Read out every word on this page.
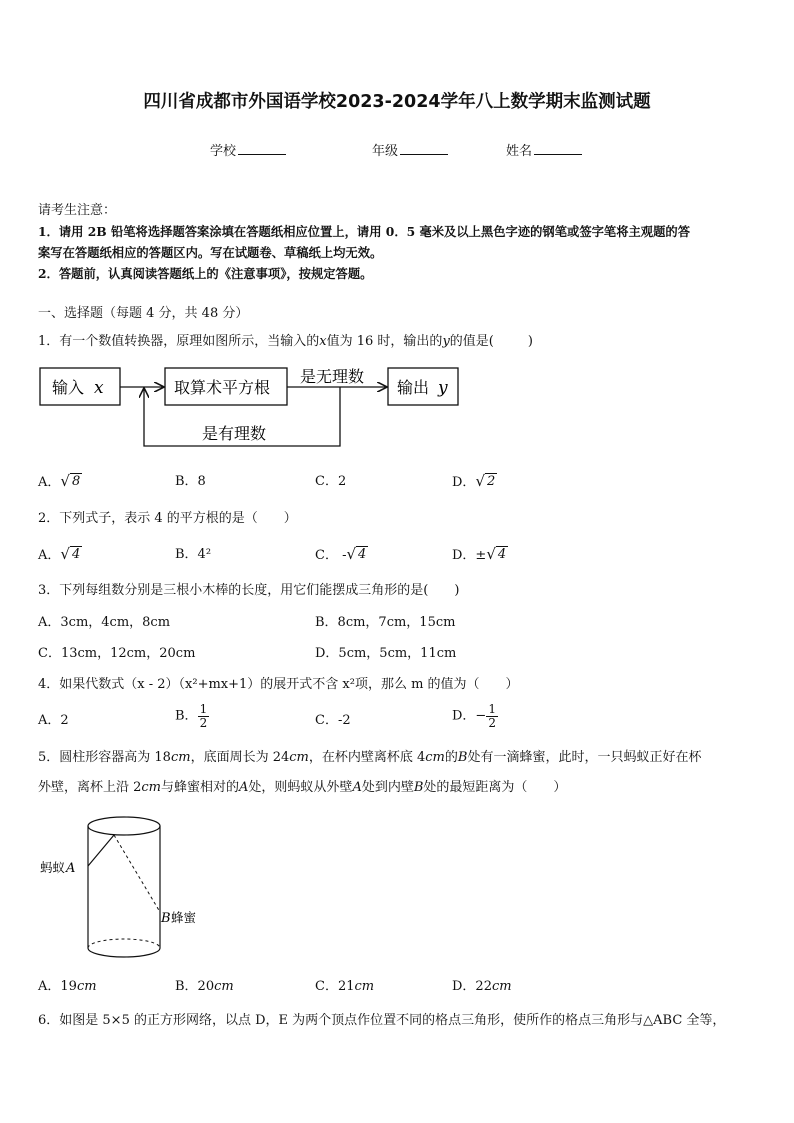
四川省成都市外国语学校2023-2024学年八上数学期末监测试题
学校	年级	姓名
请考生注意：
1．请用 2B 铅笔将选择题答案涂填在答题纸相应位置上，请用 0．5 毫米及以上黑色字迹的钢笔或签字笔将主观题的答
案写在答题纸相应的答题区内。写在试题卷、草稿纸上均无效。
2．答题前，认真阅读答题纸上的《注意事项》，按规定答题。
一、选择题（每题 4 分，共 48 分）
1．有一个数值转换器，原理如图所示，当输入的x值为 16 时，输出的y的值是(	)
输入 x	取算术平方根
是无理数
输出 y
是有理数
A． √ 8	B．8	C．2	D． √ 2
2．下列式子，表示 4 的平方根的是（　　）
A． √ 4	B．4²	C． - √ 4	D．± √ 4
3．下列每组数分别是三根小木棒的长度，用它们能摆成三角形的是(　　)
A．3cm，4cm，8cm	B．8cm，7cm，15cm
C．13cm，12cm，20cm	D．5cm，5cm，11cm
4．如果代数式（x - 2）（x²+mx+1）的展开式不含 x²项，那么 m 的值为（　　）
A．2	B． $\frac{1}{2}$	C．-2	D．− $\frac{1}{2}$
5．圆柱形容器高为 18cm，底面周长为 24cm，在杯内壁离杯底 4cm的B处有一滴蜂蜜，此时，一只蚂蚁正好在杯
外壁，离杯上沿 2cm与蜂蜜相对的A处，则蚂蚁从外壁A处到内壁B处的最短距离为（　　）
蚂蚁 A
B 蜂蜜
A．19cm	B．20cm	C．21cm	D．22cm
6．如图是 5×5 的正方形网络，以点 D，E 为两个顶点作位置不同的格点三角形，使所作的格点三角形与△ABC 全等，
